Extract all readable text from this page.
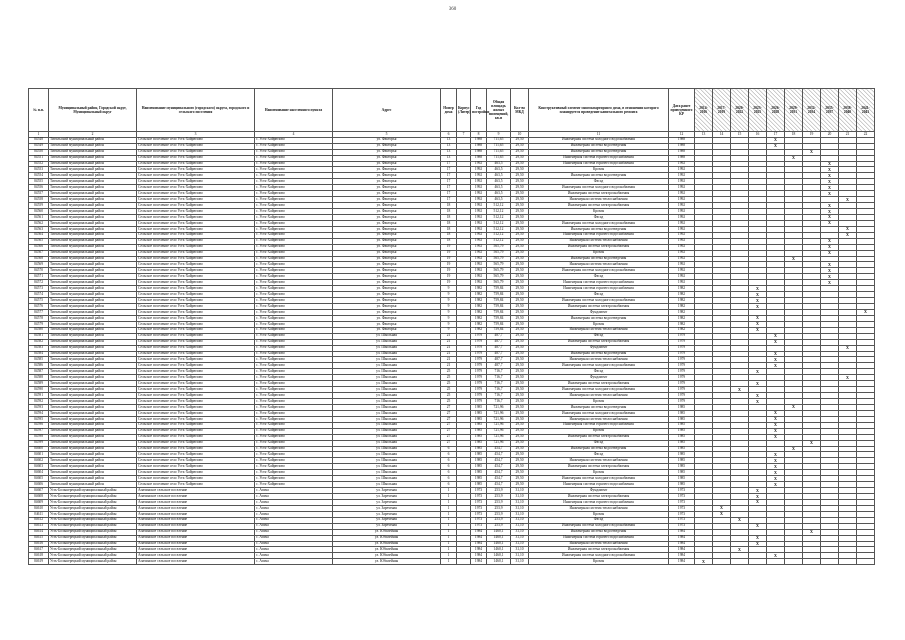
360
№ п.п.	Муниципальный район, Городской округ, Муниципальный округ	Наименование муниципального (городского) округа, городского и сельского поселения	Наименование населенного пункта	Адрес	Номер дома	Корпус (Литер)	Год постройки	Общая площадь жилых помещений, кв.м	Кол-во МКД	Конструктивный элемент многоквартирного дома, в отношении которого планируется проведение капитального ремонта	Дата ранее проведенного КР	2014-2016	2017-2019	2020-2022	2023-2025	2026-2028	2029-2031	2032-2034	2035-2037	2038-2040	2041-2043
1	2	3	4	5	6	7	8	9	10	11	12	13	14	15	16	17	18	19	20	21	22
04548	Тигильский муниципальный район	Сельское поселение село Усть-Хайрюзово	с. Усть-Хайрюзово	ул. Факторья	13		1988	711,65	29,50	Инженерная система холодного водоснабжения	1988					X					
04549	Тигильский муниципальный район	Сельское поселение село Усть-Хайрюзово	с. Усть-Хайрюзово	ул. Факторья	13		1988	711,65	29,50	Инженерная система водоотведения	1988					X					
04550	Тигильский муниципальный район	Сельское поселение село Усть-Хайрюзово	с. Усть-Хайрюзово	ул. Факторья	13		1988	711,65	29,50	Инженерная система водоотведения	1988							X			
04551	Тигильский муниципальный район	Сельское поселение село Усть-Хайрюзово	с. Усть-Хайрюзово	ул. Факторья	13		1988	711,65	29,50	Инженерная система горячего водоснабжения	1988						X				
04552	Тигильский муниципальный район	Сельское поселение село Усть-Хайрюзово	с. Усть-Хайрюзово	ул. Факторья	17		1992	463,5	29,50	Инженерная система горячего водоснабжения	1992								X		
04553	Тигильский муниципальный район	Сельское поселение село Усть-Хайрюзово	с. Усть-Хайрюзово	ул. Факторья	17		1992	463,5	29,50	Кровля	1992								X		
04554	Тигильский муниципальный район	Сельское поселение село Усть-Хайрюзово	с. Усть-Хайрюзово	ул. Факторья	17		1992	463,5	29,50	Инженерная система водоотведения	1992								X		
04555	Тигильский муниципальный район	Сельское поселение село Усть-Хайрюзово	с. Усть-Хайрюзово	ул. Факторья	17		1992	463,5	29,50	Фасад	1992								X		
04556	Тигильский муниципальный район	Сельское поселение село Усть-Хайрюзово	с. Усть-Хайрюзово	ул. Факторья	17		1992	463,5	29,50	Инженерная система холодного водоснабжения	1992								X		
04557	Тигильский муниципальный район	Сельское поселение село Усть-Хайрюзово	с. Усть-Хайрюзово	ул. Факторья	17		1992	463,5	29,50	Инженерная система электроснабжения	1992								X		
04558	Тигильский муниципальный район	Сельское поселение село Усть-Хайрюзово	с. Усть-Хайрюзово	ул. Факторья	17		1992	463,5	29,50	Инженерная система теплоснабжения	1992									X	
04559	Тигильский муниципальный район	Сельское поселение село Усть-Хайрюзово	с. Усть-Хайрюзово	ул. Факторья	18		1992	512,12	29,50	Инженерная система электроснабжения	1992								X		
04560	Тигильский муниципальный район	Сельское поселение село Усть-Хайрюзово	с. Усть-Хайрюзово	ул. Факторья	18		1992	512,12	29,50	Кровля	1992								X		
04561	Тигильский муниципальный район	Сельское поселение село Усть-Хайрюзово	с. Усть-Хайрюзово	ул. Факторья	18		1992	512,12	29,50	Фасад	1992								X		
04562	Тигильский муниципальный район	Сельское поселение село Усть-Хайрюзово	с. Усть-Хайрюзово	ул. Факторья	18		1992	512,12	29,50	Инженерная система холодного водоснабжения	1992								X		
04563	Тигильский муниципальный район	Сельское поселение село Усть-Хайрюзово	с. Усть-Хайрюзово	ул. Факторья	18		1992	512,12	29,50	Инженерная система водоотведения	1992									X	
04564	Тигильский муниципальный район	Сельское поселение село Усть-Хайрюзово	с. Усть-Хайрюзово	ул. Факторья	18		1992	512,12	29,50	Инженерная система горячего водоснабжения	1992									X	
04565	Тигильский муниципальный район	Сельское поселение село Усть-Хайрюзово	с. Усть-Хайрюзово	ул. Факторья	18		1992	512,12	29,50	Инженерная система теплоснабжения	1992								X		
04566	Тигильский муниципальный район	Сельское поселение село Усть-Хайрюзово	с. Усть-Хайрюзово	ул. Факторья	19		1992	565,79	29,50	Инженерная система электроснабжения	1992								X		
04567	Тигильский муниципальный район	Сельское поселение село Усть-Хайрюзово	с. Усть-Хайрюзово	ул. Факторья	19		1992	565,79	29,50	Кровля	1992								X		
04568	Тигильский муниципальный район	Сельское поселение село Усть-Хайрюзово	с. Усть-Хайрюзово	ул. Факторья	19		1992	565,79	29,50	Инженерная система водоотведения	1992						X				
04569	Тигильский муниципальный район	Сельское поселение село Усть-Хайрюзово	с. Усть-Хайрюзово	ул. Факторья	19		1992	565,79	29,50	Инженерная система теплоснабжения	1992								X		
04570	Тигильский муниципальный район	Сельское поселение село Усть-Хайрюзово	с. Усть-Хайрюзово	ул. Факторья	19		1992	565,79	29,50	Инженерная система холодного водоснабжения	1992								X		
04571	Тигильский муниципальный район	Сельское поселение село Усть-Хайрюзово	с. Усть-Хайрюзово	ул. Факторья	19		1992	565,79	29,50	Фасад	1992								X		
04572	Тигильский муниципальный район	Сельское поселение село Усть-Хайрюзово	с. Усть-Хайрюзово	ул. Факторья	19		1992	565,79	29,50	Инженерная система горячего водоснабжения	1992								X		
04573	Тигильский муниципальный район	Сельское поселение село Усть-Хайрюзово	с. Усть-Хайрюзово	ул. Факторья	9		1982	759,84	29,50	Инженерная система горячего водоснабжения	1982				X						
04574	Тигильский муниципальный район	Сельское поселение село Усть-Хайрюзово	с. Усть-Хайрюзово	ул. Факторья	9		1982	759,84	29,50	Фасад	1982				X						
04575	Тигильский муниципальный район	Сельское поселение село Усть-Хайрюзово	с. Усть-Хайрюзово	ул. Факторья	9		1982	759,84	29,50	Инженерная система холодного водоснабжения	1982				X						
04576	Тигильский муниципальный район	Сельское поселение село Усть-Хайрюзово	с. Усть-Хайрюзово	ул. Факторья	9		1982	759,84	29,50	Инженерная система электроснабжения	1982				X						
04577	Тигильский муниципальный район	Сельское поселение село Усть-Хайрюзово	с. Усть-Хайрюзово	ул. Факторья	9		1982	759,84	29,50	Фундамент	1982										X
04578	Тигильский муниципальный район	Сельское поселение село Усть-Хайрюзово	с. Усть-Хайрюзово	ул. Факторья	9		1982	759,84	29,50	Инженерная система водоотведения	1982				X						
04579	Тигильский муниципальный район	Сельское поселение село Усть-Хайрюзово	с. Усть-Хайрюзово	ул. Факторья	9		1982	759,84	29,50	Кровля	1982				X						
04580	Тигильский муниципальный район	Сельское поселение село Усть-Хайрюзово	с. Усть-Хайрюзово	ул. Факторья	9		1982	759,84	29,50	Инженерная система теплоснабжения	1982				X						
04581	Тигильский муниципальный район	Сельское поселение село Усть-Хайрюзово	с. Усть-Хайрюзово	ул. Школьная	21		1979	487,7	29,50	Фасад	1979					X					
04582	Тигильский муниципальный район	Сельское поселение село Усть-Хайрюзово	с. Усть-Хайрюзово	ул. Школьная	21		1979	487,7	29,50	Инженерная система электроснабжения	1979					X					
04583	Тигильский муниципальный район	Сельское поселение село Усть-Хайрюзово	с. Усть-Хайрюзово	ул. Школьная	21		1979	487,7	29,50	Фундамент	1979									X	
04584	Тигильский муниципальный район	Сельское поселение село Усть-Хайрюзово	с. Усть-Хайрюзово	ул. Школьная	21		1979	487,7	29,50	Инженерная система водоотведения	1979					X					
04585	Тигильский муниципальный район	Сельское поселение село Усть-Хайрюзово	с. Усть-Хайрюзово	ул. Школьная	21		1979	487,7	29,50	Инженерная система теплоснабжения	1979					X					
04586	Тигильский муниципальный район	Сельское поселение село Усть-Хайрюзово	с. Усть-Хайрюзово	ул. Школьная	21		1979	487,7	29,50	Инженерная система холодного водоснабжения	1979					X					
04587	Тигильский муниципальный район	Сельское поселение село Усть-Хайрюзово	с. Усть-Хайрюзово	ул. Школьная	25		1979	716,7	29,50	Фасад	1979				X						
04588	Тигильский муниципальный район	Сельское поселение село Усть-Хайрюзово	с. Усть-Хайрюзово	ул. Школьная	25		1979	716,7	29,50	Фундамент	1979									X	
04589	Тигильский муниципальный район	Сельское поселение село Усть-Хайрюзово	с. Усть-Хайрюзово	ул. Школьная	25		1979	716,7	29,50	Инженерная система электроснабжения	1979				X						
04590	Тигильский муниципальный район	Сельское поселение село Усть-Хайрюзово	с. Усть-Хайрюзово	ул. Школьная	25		1979	716,7	29,50	Инженерная система холодного водоснабжения	1979			X							
04591	Тигильский муниципальный район	Сельское поселение село Усть-Хайрюзово	с. Усть-Хайрюзово	ул. Школьная	25		1979	716,7	29,50	Инженерная система теплоснабжения	1979				X						
04592	Тигильский муниципальный район	Сельское поселение село Усть-Хайрюзово	с. Усть-Хайрюзово	ул. Школьная	25		1979	716,7	29,50	Кровля	1979				X						
04593	Тигильский муниципальный район	Сельское поселение село Усть-Хайрюзово	с. Усть-Хайрюзово	ул. Школьная	27		1985	721,96	29,50	Инженерная система водоотведения	1985						X				
04594	Тигильский муниципальный район	Сельское поселение село Усть-Хайрюзово	с. Усть-Хайрюзово	ул. Школьная	27		1985	721,96	29,50	Инженерная система холодного водоснабжения	1985					X					
04595	Тигильский муниципальный район	Сельское поселение село Усть-Хайрюзово	с. Усть-Хайрюзово	ул. Школьная	27		1985	721,96	29,50	Инженерная система теплоснабжения	1985					X					
04596	Тигильский муниципальный район	Сельское поселение село Усть-Хайрюзово	с. Усть-Хайрюзово	ул. Школьная	27		1985	721,96	29,50	Инженерная система горячего водоснабжения	1985					X					
04597	Тигильский муниципальный район	Сельское поселение село Усть-Хайрюзово	с. Усть-Хайрюзово	ул. Школьная	27		1985	721,96	29,50	Кровля	1985					X					
04598	Тигильский муниципальный район	Сельское поселение село Усть-Хайрюзово	с. Усть-Хайрюзово	ул. Школьная	27		1985	721,96	29,50	Инженерная система электроснабжения	1985					X					
04599	Тигильский муниципальный район	Сельское поселение село Усть-Хайрюзово	с. Усть-Хайрюзово	ул. Школьная	27		1985	721,96	29,50	Фасад	1985							X			
04600	Тигильский муниципальный район	Сельское поселение село Усть-Хайрюзово	с. Усть-Хайрюзово	ул. Школьная	6		1985	454,7	29,50	Инженерная система водоотведения	1985						X				
04601	Тигильский муниципальный район	Сельское поселение село Усть-Хайрюзово	с. Усть-Хайрюзово	ул. Школьная	6		1985	454,7	29,50	Фасад	1985					X					
04602	Тигильский муниципальный район	Сельское поселение село Усть-Хайрюзово	с. Усть-Хайрюзово	ул. Школьная	6		1985	454,7	29,50	Инженерная система теплоснабжения	1985					X					
04603	Тигильский муниципальный район	Сельское поселение село Усть-Хайрюзово	с. Усть-Хайрюзово	ул. Школьная	6		1985	454,7	29,50	Инженерная система электроснабжения	1985					X					
04604	Тигильский муниципальный район	Сельское поселение село Усть-Хайрюзово	с. Усть-Хайрюзово	ул. Школьная	6		1985	454,7	29,50	Кровля	1985					X					
04605	Тигильский муниципальный район	Сельское поселение село Усть-Хайрюзово	с. Усть-Хайрюзово	ул. Школьная	6		1985	454,7	29,50	Инженерная система холодного водоснабжения	1985					X					
04606	Тигильский муниципальный район	Сельское поселение село Усть-Хайрюзово	с. Усть-Хайрюзово	ул. Школьная	6		1985	454,7	29,50	Инженерная система горячего водоснабжения	1985					X					
04607	Усть-Большерецкий муниципальный район	Апачинское сельское поселение	с. Апача	ул. Зареченая	1		1973	253,9	31,10	Фундамент	1973				X						
04608	Усть-Большерецкий муниципальный район	Апачинское сельское поселение	с. Апача	ул. Зареченая	1		1973	253,9	31,10	Инженерная система электроснабжения	1973				X						
04609	Усть-Большерецкий муниципальный район	Апачинское сельское поселение	с. Апача	ул. Зареченая	1		1973	253,9	31,10	Инженерная система горячего водоснабжения	1973				X						
04610	Усть-Большерецкий муниципальный район	Апачинское сельское поселение	с. Апача	ул. Зареченая	1		1973	253,9	31,10	Инженерная система теплоснабжения	1973		X								
04611	Усть-Большерецкий муниципальный район	Апачинское сельское поселение	с. Апача	ул. Зареченая	1		1973	253,9	31,10	Кровля	1973		X								
04612	Усть-Большерецкий муниципальный район	Апачинское сельское поселение	с. Апача	ул. Зареченая	1		1973	253,9	31,10	Фасад	1973			X							
04613	Усть-Большерецкий муниципальный район	Апачинское сельское поселение	с. Апача	ул. Зареченая	1		1973	253,9	31,10	Инженерная система холодного водоснабжения	1973				X						
04614	Усть-Большерецкий муниципальный район	Апачинское сельское поселение	с. Апача	ул. Юбилейная	1		1984	1460,1	31,10	Инженерная система водоотведения	1984							X			
04615	Усть-Большерецкий муниципальный район	Апачинское сельское поселение	с. Апача	ул. Юбилейная	1		1984	1460,1	31,10	Инженерная система горячего водоснабжения	1984				X						
04616	Усть-Большерецкий муниципальный район	Апачинское сельское поселение	с. Апача	ул. Юбилейная	1		1984	1460,1	31,10	Инженерная система теплоснабжения	1984				X						
04617	Усть-Большерецкий муниципальный район	Апачинское сельское поселение	с. Апача	ул. Юбилейная	1		1984	1460,1	31,10	Инженерная система электроснабжения	1984			X							
04618	Усть-Большерецкий муниципальный район	Апачинское сельское поселение	с. Апача	ул. Юбилейная	1		1984	1460,1	31,10	Инженерная система холодного водоснабжения	1984					X					
04619	Усть-Большерецкий муниципальный район	Апачинское сельское поселение	с. Апача	ул. Юбилейная	1		1984	1460,1	31,10	Кровля	1984	X									
